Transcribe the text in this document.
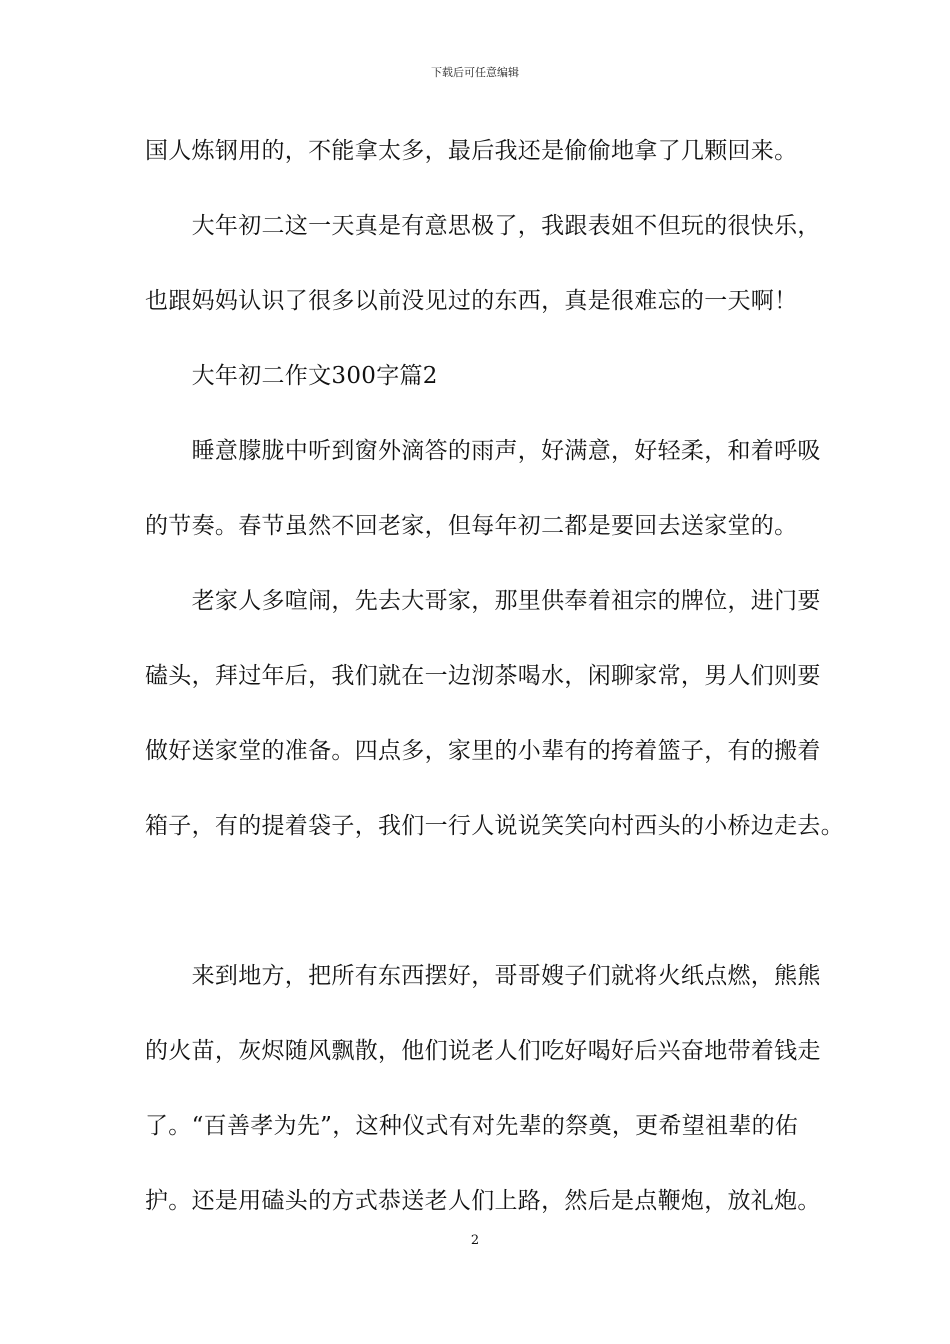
下载后可任意编辑
国人炼钢用的，不能拿太多，最后我还是偷偷地拿了几颗回来。
　　大年初二这一天真是有意思极了，我跟表姐不但玩的很快乐，
也跟妈妈认识了很多以前没见过的东西，真是很难忘的一天啊！
　　大年初二作文300字篇2
　　睡意朦胧中听到窗外滴答的雨声，好满意，好轻柔，和着呼吸
的节奏。春节虽然不回老家，但每年初二都是要回去送家堂的。
　　老家人多喧闹，先去大哥家，那里供奉着祖宗的牌位，进门要
磕头，拜过年后，我们就在一边沏茶喝水，闲聊家常，男人们则要
做好送家堂的准备。四点多，家里的小辈有的挎着篮子，有的搬着
箱子，有的提着袋子，我们一行人说说笑笑向村西头的小桥边走去。
　　来到地方，把所有东西摆好，哥哥嫂子们就将火纸点燃，熊熊
的火苗，灰烬随风飘散，他们说老人们吃好喝好后兴奋地带着钱走
了。“百善孝为先”，这种仪式有对先辈的祭奠，更希望祖辈的佑
护。还是用磕头的方式恭送老人们上路，然后是点鞭炮，放礼炮。
2
